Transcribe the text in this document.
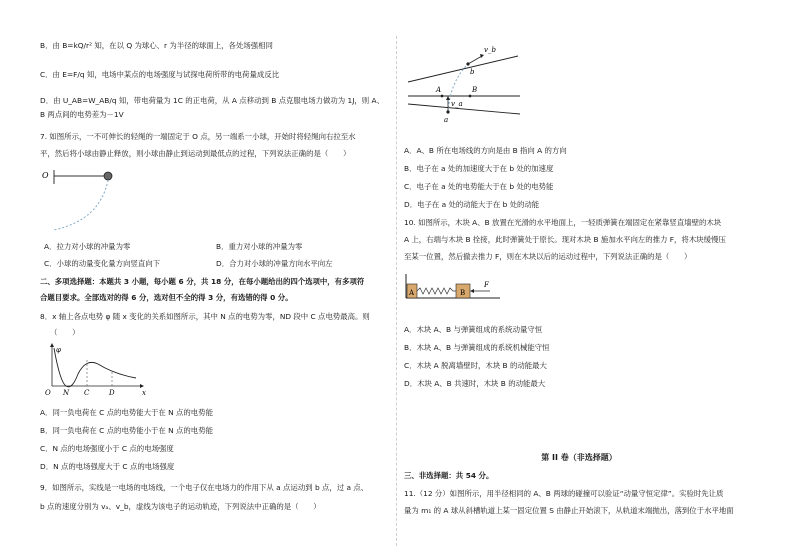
B．由 B=kQ/r² 知，在以 Q 为球心、r 为半径的球面上，各处场强相同
C．由 E=F/q 知，电场中某点的电场强度与试探电荷所带的电荷量成反比
D．由 U_AB=W_AB/q 知，带电荷量为 1C 的正电荷，从 A 点移动到 B 点克服电场力做功为 1J，则 A、
B 两点间的电势差为－1V
7. 如图所示，一不可伸长的轻绳的一端固定于 O 点，另一端系一小球，开始时将轻绳向右拉至水
平，然后将小球由静止释放，则小球由静止到运动到最低点的过程，下列说法正确的是（　　）
O
A．拉力对小球的冲量为零	B．重力对小球的冲量为零
C．小球的动量变化量方向竖直向下	D．合力对小球的冲量方向水平向左
二、多项选择题：本题共 3 小题，每小题 6 分，共 18 分，在每小题给出的四个选项中，有多项符
合题目要求。全部选对的得 6 分，选对但不全的得 3 分，有选错的得 0 分。
8．x 轴上各点电势 φ 随 x 变化的关系如图所示，其中 N 点的电势为零，ND 段中 C 点电势最高。则
（　　）
φ
O N C	D	x
A．同一负电荷在 C 点的电势能大于在 N 点的电势能
B．同一负电荷在 C 点的电势能小于在 N 点的电势能
C．N 点的电场强度小于 C 点的电场强度
D．N 点的电场强度大于 C 点的电场强度
9．如图所示，实线是一电场的电场线，一个电子仅在电场力的作用下从 a 点运动到 b 点，过 a 点、
b 点的速度分别为 vₐ、v_b，虚线为该电子的运动轨迹，下列说法中正确的是（　　）
v_b
v_a
A	B
a
b
A．A、B 所在电场线的方向是由 B 指向 A 的方向
B．电子在 a 处的加速度大于在 b 处的加速度
C．电子在 a 处的电势能大于在 b 处的电势能
D．电子在 a 处的动能大于在 b 处的动能
10. 如图所示，木块 A、B 放置在光滑的水平地面上，一轻质弹簧在端固定在紧靠竖直墙壁的木块
A 上，右端与木块 B 拴接，此时弹簧处于原长。现对木块 B 施加水平向左的推力 F，将木块缓慢压
至某一位置，然后撤去推力 F，则在木块以后的运动过程中，下列说法正确的是（　　）
A	B
F
A．木块 A、B 与弹簧组成的系统动量守恒
B．木块 A、B 与弹簧组成的系统机械能守恒
C．木块 A 脱离墙壁时，木块 B 的动能最大
D．木块 A、B 共速时，木块 B 的动能最大
第 II 卷（非选择题）
三、非选择题：共 54 分。
11.（12 分）如图所示，用半径相同的 A、B 两球的碰撞可以验证“动量守恒定律”。实验时先让质
量为 m₁ 的 A 球从斜槽轨道上某一固定位置 S 由静止开始滚下，从轨道末端抛出，落到位于水平地面
